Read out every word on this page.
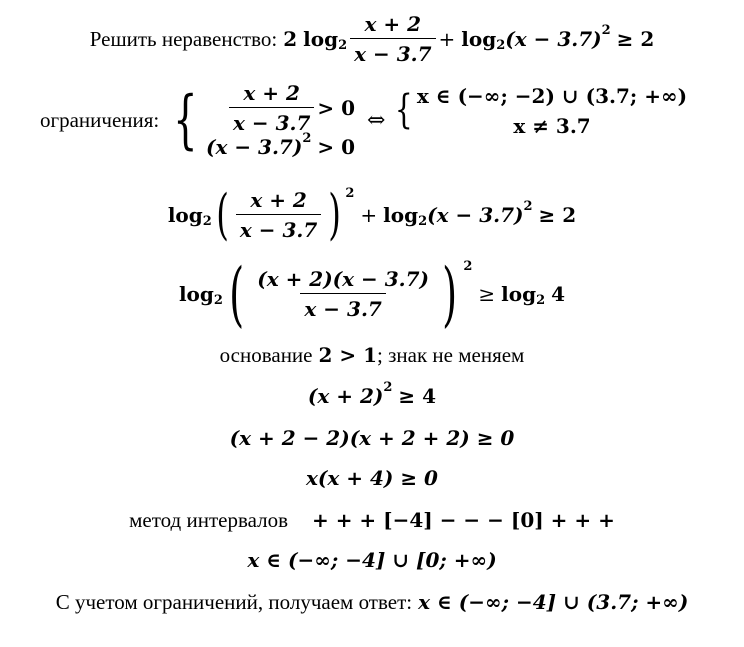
Решить неравенство: 2 $\log 2 \frac{x + 2}{x - 3.7} + \log 2$ (x − 3.7) 2 ≥ 2
ограничения: { $\frac{x + 2}{x - 3.7} > 0$
(x − 3.7) 2 > 0
⇔ { x ∈ (−∞; −2) ∪ (3.7; +∞)
x ≠ 3.7
log 2 ( $\frac{x + 2}{x - 3.7}$ ) 2
+ log 2 (x − 3.7) 2 ≥ 2
log 2 ( $\frac{(x + 2)(x - 3.7)}{x - 3.7}$ ) 2
≥ log 2 4
основание 2 > 1 ; знак не меняем
(x + 2) 2 ≥ 4
(x + 2 − 2)(x + 2 + 2) ≥ 0
x(x + 4) ≥ 0
метод интервалов + + + [−4] − − − [0] + + +
x ∈ (−∞; −4] ∪ [0; +∞)
С учетом ограничений, получаем ответ: x ∈ (−∞; −4] ∪ (3.7; +∞)
